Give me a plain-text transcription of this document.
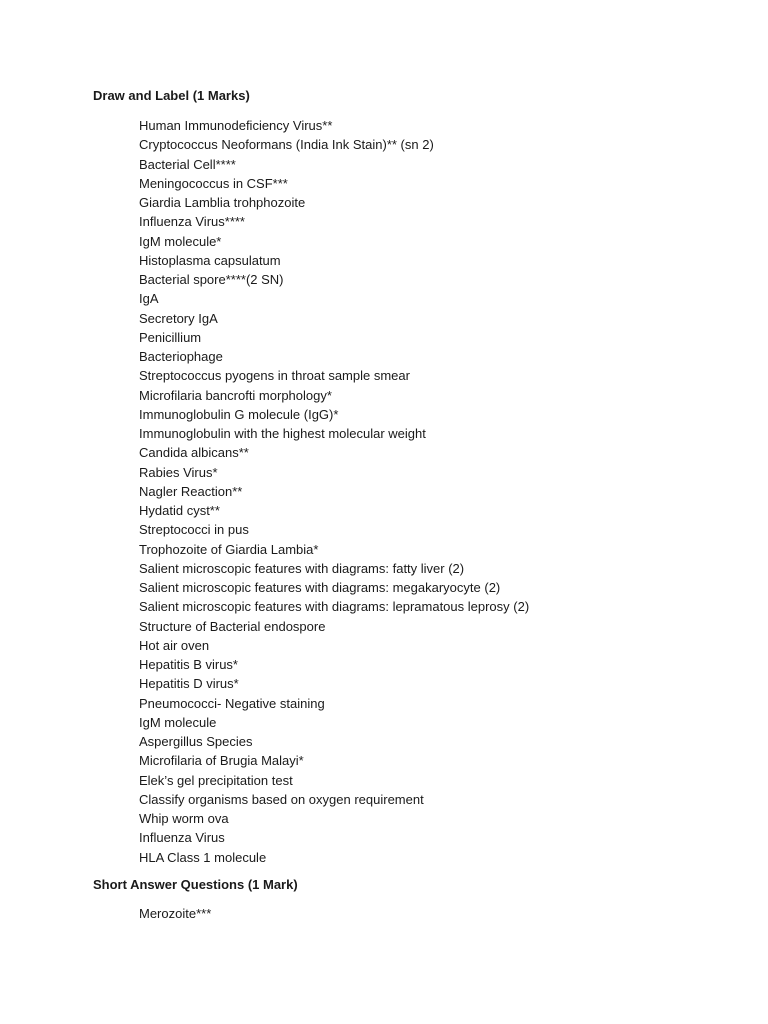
Draw and Label (1 Marks)
Human Immunodeficiency Virus**
Cryptococcus Neoformans (India Ink Stain)** (sn 2)
Bacterial Cell****
Meningococcus in CSF***
Giardia Lamblia trohphozoite
Influenza Virus****
IgM molecule*
Histoplasma capsulatum
Bacterial spore****(2 SN)
IgA
Secretory IgA
Penicillium
Bacteriophage
Streptococcus pyogens in throat sample smear
Microfilaria bancrofti morphology*
Immunoglobulin G molecule (IgG)*
Immunoglobulin with the highest molecular weight
Candida albicans**
Rabies Virus*
Nagler Reaction**
Hydatid cyst**
Streptococci in pus
Trophozoite of Giardia Lambia*
Salient microscopic features with diagrams: fatty liver (2)
Salient microscopic features with diagrams: megakaryocyte (2)
Salient microscopic features with diagrams: lepramatous leprosy (2)
Structure of Bacterial endospore
Hot air oven
Hepatitis B virus*
Hepatitis D virus*
Pneumococci- Negative staining
IgM molecule
Aspergillus Species
Microfilaria of Brugia Malayi*
Elek’s gel precipitation test
Classify organisms based on oxygen requirement
Whip worm ova
Influenza Virus
HLA Class 1 molecule
Short Answer Questions (1 Mark)
Merozoite***
